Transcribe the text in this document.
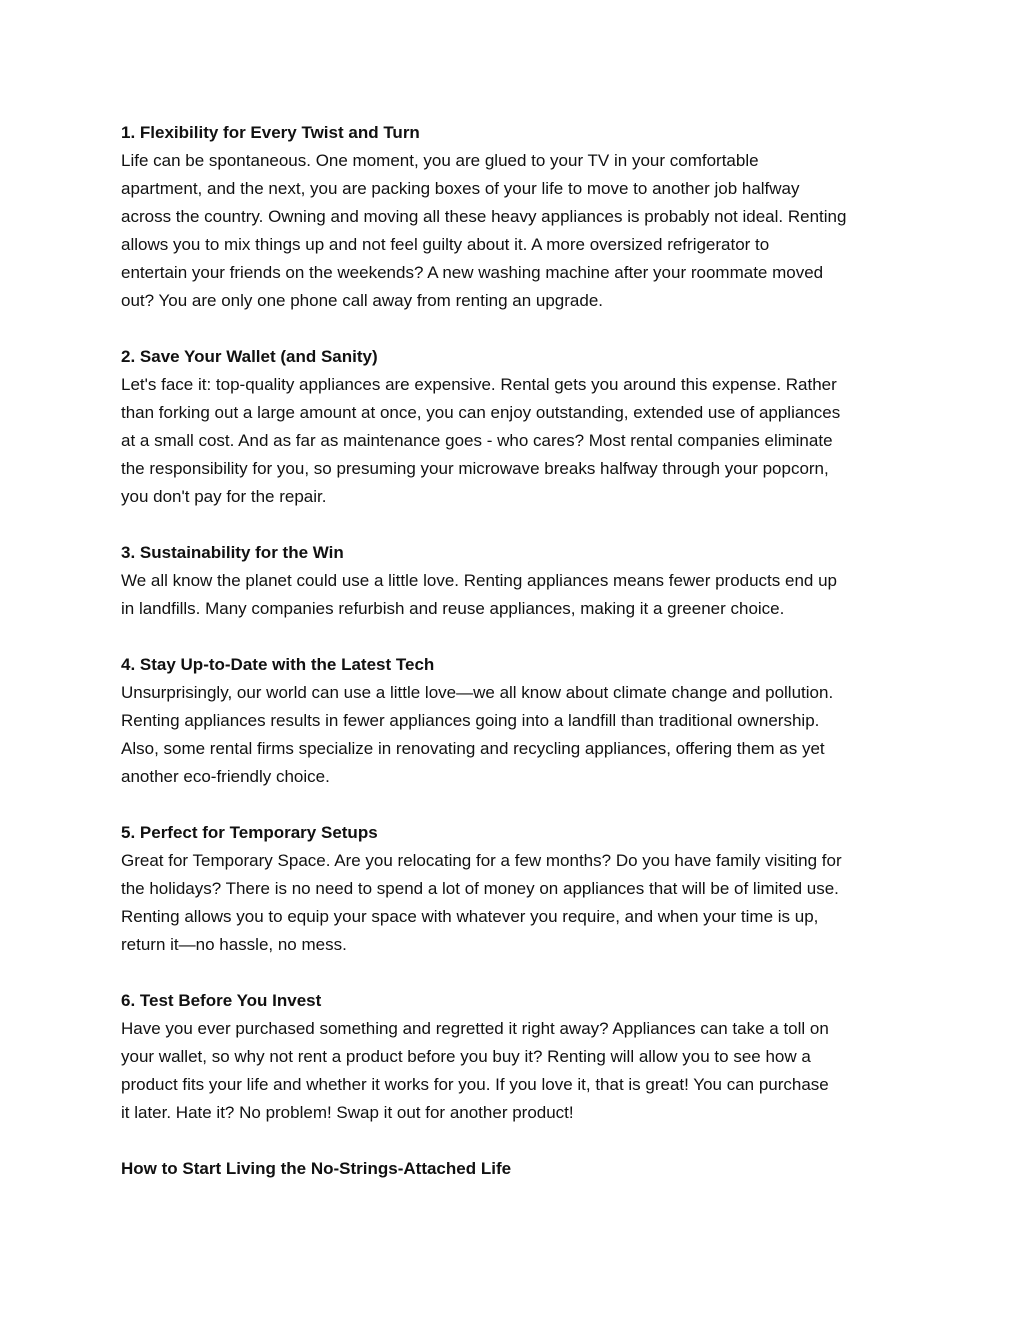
1. Flexibility for Every Twist and Turn

Life can be spontaneous. One moment, you are glued to your TV in your comfortable
apartment, and the next, you are packing boxes of your life to move to another job halfway
across the country. Owning and moving all these heavy appliances is probably not ideal. Renting
allows you to mix things up and not feel guilty about it. A more oversized refrigerator to
entertain your friends on the weekends? A new washing machine after your roommate moved
out? You are only one phone call away from renting an upgrade.

2. Save Your Wallet (and Sanity)

Let's face it: top-quality appliances are expensive. Rental gets you around this expense. Rather
than forking out a large amount at once, you can enjoy outstanding, extended use of appliances
at a small cost. And as far as maintenance goes - who cares? Most rental companies eliminate
the responsibility for you, so presuming your microwave breaks halfway through your popcorn,
you don't pay for the repair.

3. Sustainability for the Win

We all know the planet could use a little love. Renting appliances means fewer products end up
in landfills. Many companies refurbish and reuse appliances, making it a greener choice.

4. Stay Up-to-Date with the Latest Tech

Unsurprisingly, our world can use a little love—we all know about climate change and pollution.
Renting appliances results in fewer appliances going into a landfill than traditional ownership.
Also, some rental firms specialize in renovating and recycling appliances, offering them as yet
another eco-friendly choice.

5. Perfect for Temporary Setups

Great for Temporary Space. Are you relocating for a few months? Do you have family visiting for
the holidays? There is no need to spend a lot of money on appliances that will be of limited use.
Renting allows you to equip your space with whatever you require, and when your time is up,
return it—no hassle, no mess.

6. Test Before You Invest

Have you ever purchased something and regretted it right away? Appliances can take a toll on
your wallet, so why not rent a product before you buy it? Renting will allow you to see how a
product fits your life and whether it works for you. If you love it, that is great! You can purchase
it later. Hate it? No problem! Swap it out for another product!

How to Start Living the No-Strings-Attached Life
